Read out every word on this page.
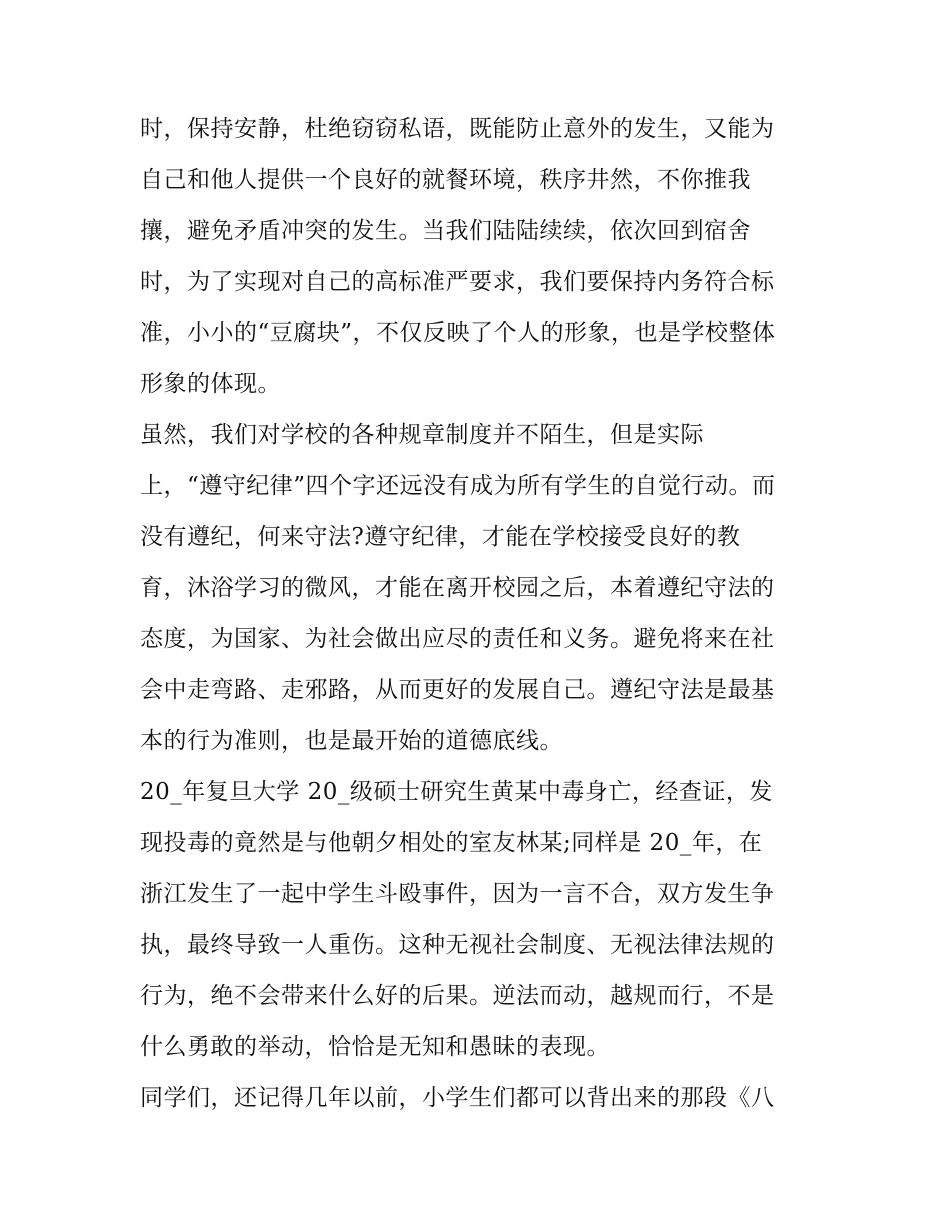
时，保持安静，杜绝窃窃私语，既能防止意外的发生，又能为
自己和他人提供一个良好的就餐环境，秩序井然，不你推我
攘，避免矛盾冲突的发生。当我们陆陆续续，依次回到宿舍
时，为了实现对自己的高标准严要求，我们要保持内务符合标
准，小小的“豆腐块”，不仅反映了个人的形象，也是学校整体
形象的体现。
虽然，我们对学校的各种规章制度并不陌生，但是实际
上，“遵守纪律”四个字还远没有成为所有学生的自觉行动。而
没有遵纪，何来守法?遵守纪律，才能在学校接受良好的教
育，沐浴学习的微风，才能在离开校园之后，本着遵纪守法的
态度，为国家、为社会做出应尽的责任和义务。避免将来在社
会中走弯路、走邪路，从而更好的发展自己。遵纪守法是最基
本的行为准则，也是最开始的道德底线。
20_年复旦大学 20_级硕士研究生黄某中毒身亡，经查证，发
现投毒的竟然是与他朝夕相处的室友林某;同样是 20_年，在
浙江发生了一起中学生斗殴事件，因为一言不合，双方发生争
执，最终导致一人重伤。这种无视社会制度、无视法律法规的
行为，绝不会带来什么好的后果。逆法而动，越规而行，不是
什么勇敢的举动，恰恰是无知和愚昧的表现。
同学们，还记得几年以前，小学生们都可以背出来的那段《八
